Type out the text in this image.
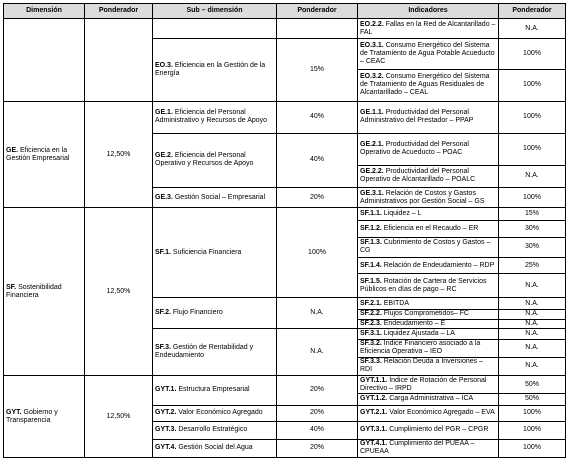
Dimensión	Ponderador	Sub – dimensión	Ponderador	Indicadores	Ponderador
				EO.2.2. Fallas en la Red de Alcantarillado – FAL	N.A.
		EO.3. Eficiencia en la Gestión de la Energía	15%	EO.3.1. Consumo Energético del Sistema de Tratamiento de Agua Potable Acueducto – CEAC	100%
				EO.3.2. Consumo Energético del Sistema de Tratamiento de Aguas Residuales de Alcantarillado – CEAL	100%
GE. Eficiencia en la Gestión Empresarial	12,50%	GE.1. Eficiencia del Personal Administrativo y Recursos de Apoyo	40%	GE.1.1. Productividad del Personal Administrativo del Prestador – PPAP	100%
		GE.2. Eficiencia del Personal Operativo y Recursos de Apoyo	40%	GE.2.1. Productividad del Personal Operativo de Acueducto – POAC	100%
				GE.2.2. Productividad del Personal Operativo de Alcantarillado – POALC	N.A.
		GE.3. Gestión Social – Empresarial	20%	GE.3.1. Relación de Costos y Gastos Administrativos por Gestión Social – GS	100%
SF. Sostenibilidad Financiera	12,50%	SF.1. Suficiencia Financiera	100%	SF.1.1. Liquidez – L	15%
				SF.1.2. Eficiencia en el Recaudo – ER	30%
				SF.1.3. Cubrimiento de Costos y Gastos – CG	30%
				SF.1.4. Relación de Endeudamiento – RDP	25%
				SF.1.5. Rotación de Cartera de Servicios Públicos en días de pago – RC	N.A.
		SF.2. Flujo Financiero	N.A.	SF.2.1. EBITDA	N.A.
				SF.2.2. Flujos Comprometidos– FC	N.A.
				SF.2.3. Endeudamiento – E	N.A.
		SF.3. Gestión de Rentabilidad y Endeudamiento	N.A.	SF.3.1. Liquidez Ajustada – LA	N.A.
				SF.3.2. Índice Financiero asociado a la Eficiencia Operativa – IEO	N.A.
				SF.3.3. Relación Deuda a Inversiones – RDI	N.A.
GYT. Gobierno y Transparencia	12,50%	GYT.1. Estructura Empresarial	20%	GYT.1.1. Índice de Rotación de Personal Directivo – IRPD	50%
				GYT.1.2. Carga Administrativa – ICA	50%
		GYT.2. Valor Económico Agregado	20%	GYT.2.1. Valor Económico Agregado – EVA	100%
		GYT.3. Desarrollo Estratégico	40%	GYT.3.1. Cumplimiento del PGR – CPGR	100%
		GYT.4. Gestión Social del Agua	20%	GYT.4.1. Cumplimiento del PUEAA – CPUEAA	100%
